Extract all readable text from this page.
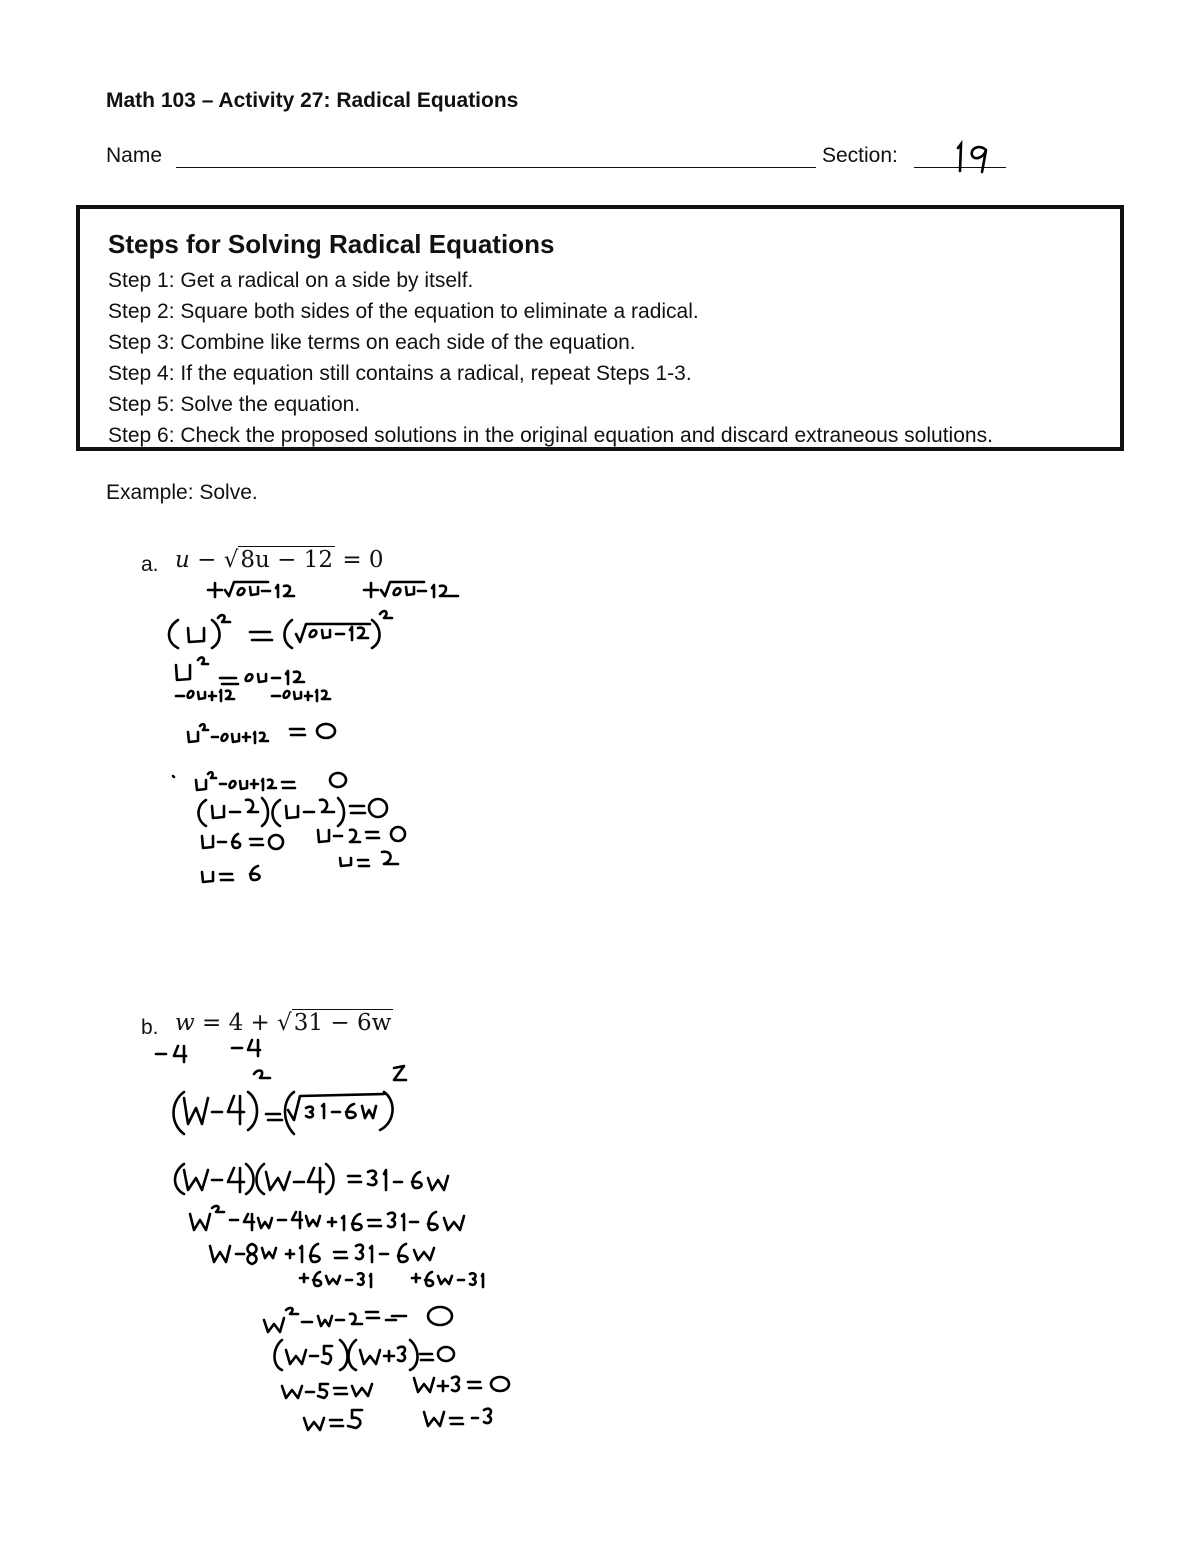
Math 103 – Activity 27: Radical Equations
Name	Section:
Steps for Solving Radical Equations
Step 1: Get a radical on a side by itself.
Step 2: Square both sides of the equation to eliminate a radical.
Step 3: Combine like terms on each side of the equation.
Step 4: If the equation still contains a radical, repeat Steps 1-3.
Step 5: Solve the equation.
Step 6: Check the proposed solutions in the original equation and discard extraneous solutions.
Example: Solve.
a. u − √8u − 12 = 0
b. w = 4 + √31 − 6w
